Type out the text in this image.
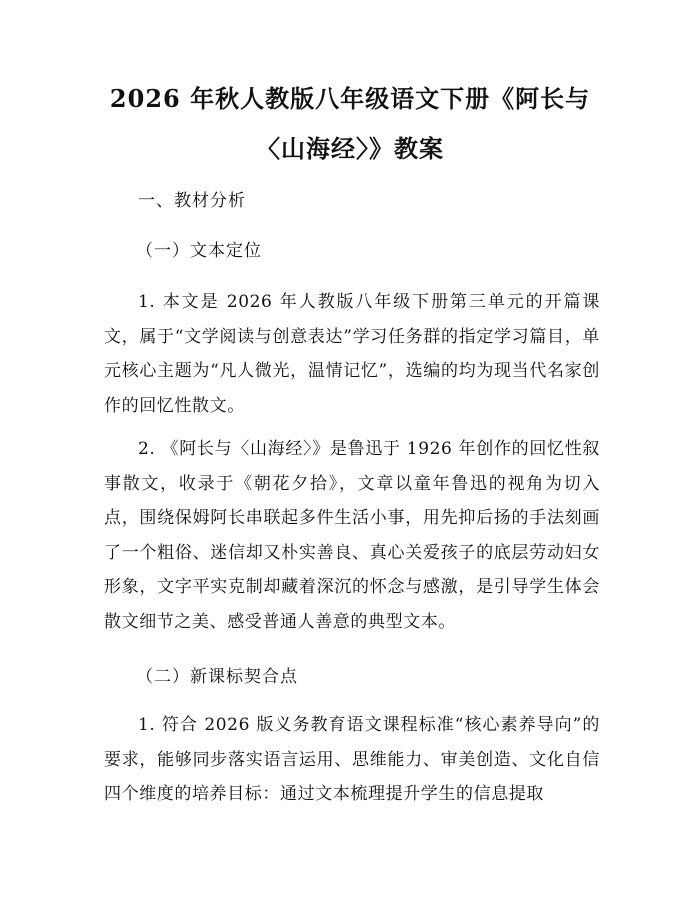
2026 年秋人教版八年级语文下册《阿长与
〈山海经〉》教案
一、教材分析
（一）文本定位

1. 本文是 2026 年人教版八年级下册第三单元的开篇课文，属于“文学阅读与创意表达”学习任务群的指定学习篇目，单元核心主题为“凡人微光，温情记忆”，选编的均为现当代名家创作的回忆性散文。

2. 《阿长与〈山海经〉》是鲁迅于 1926 年创作的回忆性叙事散文，收录于《朝花夕拾》，文章以童年鲁迅的视角为切入点，围绕保姆阿长串联起多件生活小事，用先抑后扬的手法刻画了一个粗俗、迷信却又朴实善良、真心关爱孩子的底层劳动妇女形象，文字平实克制却藏着深沉的怀念与感激，是引导学生体会散文细节之美、感受普通人善意的典型文本。

（二）新课标契合点

1. 符合 2026 版义务教育语文课程标准“核心素养导向”的要求，能够同步落实语言运用、思维能力、审美创造、文化自信四个维度的培养目标：通过文本梳理提升学生的信息提取
